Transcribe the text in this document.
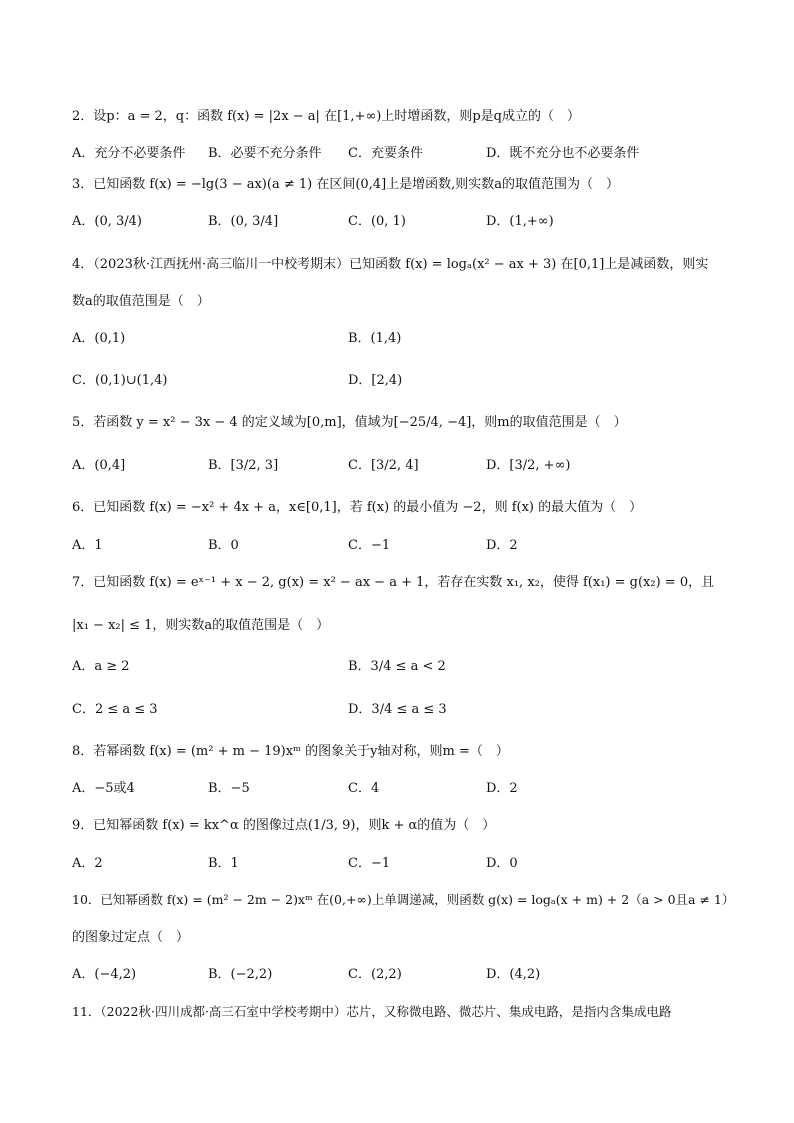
2．设p：a = 2，q：函数 f(x) = |2x − a| 在[1,+∞)上时增函数，则p是q成立的（　）
A．充分不必要条件 B．必要不充分条件 C．充要条件	D．既不充分也不必要条件
3．已知函数 f(x) = −lg(3 − ax)(a ≠ 1) 在区间(0,4]上是增函数,则实数a的取值范围为（　）
A．(0, 3/4)	B．(0, 3/4]	C．(0, 1)	D．(1,+∞)
4．（2023秋·江西抚州·高三临川一中校考期末）已知函数 f(x) = logₐ(x² − ax + 3) 在[0,1]上是减函数，则实
数a的取值范围是（　）
A．(0,1)	B．(1,4)
C．(0,1)∪(1,4)	D．[2,4)
5．若函数 y = x² − 3x − 4 的定义域为[0,m]，值域为[−25/4, −4]，则m的取值范围是（　）
A．(0,4]	B．[3/2, 3]	C．[3/2, 4]	D．[3/2, +∞)
6．已知函数 f(x) = −x² + 4x + a，x∈[0,1]，若 f(x) 的最小值为 −2，则 f(x) 的最大值为（　）
A．1	B．0	C．−1	D．2
7．已知函数 f(x) = eˣ⁻¹ + x − 2, g(x) = x² − ax − a + 1，若存在实数 x₁, x₂，使得 f(x₁) = g(x₂) = 0，且
|x₁ − x₂| ≤ 1，则实数a的取值范围是（　）
A．a ≥ 2	B．3/4 ≤ a < 2
C．2 ≤ a ≤ 3	D．3/4 ≤ a ≤ 3
8．若幂函数 f(x) = (m² + m − 19)xᵐ 的图象关于y轴对称，则m =（　）
A．−5或4	B．−5	C．4	D．2
9．已知幂函数 f(x) = kx^α 的图像过点(1/3, 9)，则k + α的值为（　）
A．2	B．1	C．−1	D．0
10．已知幂函数 f(x) = (m² − 2m − 2)xᵐ 在(0,+∞)上单调递减，则函数 g(x) = logₐ(x + m) + 2（a > 0且a ≠ 1）
的图象过定点（　）
A．(−4,2)	B．(−2,2)	C．(2,2)	D．(4,2)
11．（2022秋·四川成都·高三石室中学校考期中）芯片，又称微电路、微芯片、集成电路，是指内含集成电路
